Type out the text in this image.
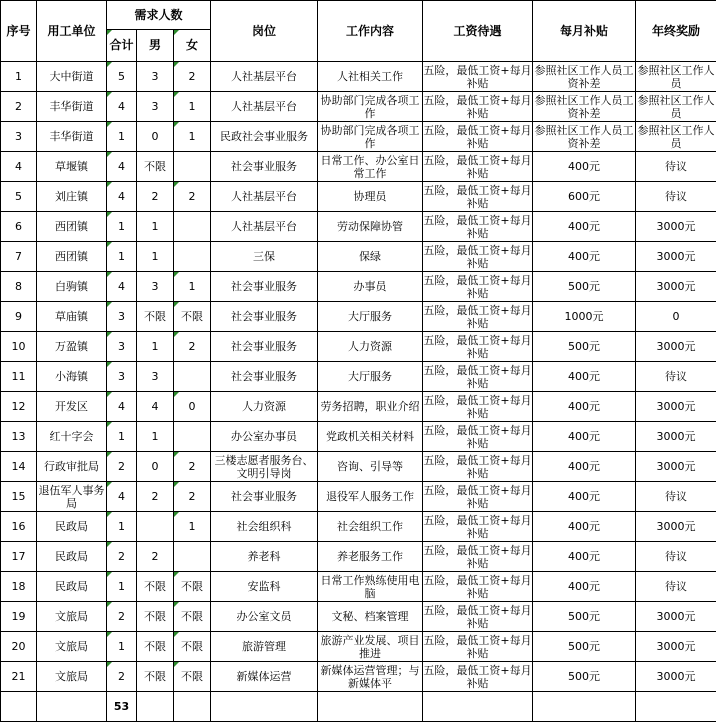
序号	用工单位	需求人数			岗位	工作内容	工资待遇	每月补贴	年终奖励
		合计	男	女					
1	大中街道	5	3	2	人社基层平台	人社相关工作	五险，最低工资+每月补贴	参照社区工作人员工资补差	参照社区工作人员
2	丰华街道	4	3	1	人社基层平台	协助部门完成各项工作	五险，最低工资+每月补贴	参照社区工作人员工资补差	参照社区工作人员
3	丰华街道	1	0	1	民政社会事业服务	协助部门完成各项工作	五险，最低工资+每月补贴	参照社区工作人员工资补差	参照社区工作人员
4	草堰镇	4	不限		社会事业服务	日常工作、办公室日常工作	五险，最低工资+每月补贴	400元	待议
5	刘庄镇	4	2	2	人社基层平台	协理员	五险，最低工资+每月补贴	600元	待议
6	西团镇	1	1		人社基层平台	劳动保障协管	五险，最低工资+每月补贴	400元	3000元
7	西团镇	1	1		三保	保绿	五险，最低工资+每月补贴	400元	3000元
8	白驹镇	4	3	1	社会事业服务	办事员	五险，最低工资+每月补贴	500元	3000元
9	草庙镇	3	不限	不限	社会事业服务	大厅服务	五险，最低工资+每月补贴	1000元	0
10	万盈镇	3	1	2	社会事业服务	人力资源	五险，最低工资+每月补贴	500元	3000元
11	小海镇	3	3		社会事业服务	大厅服务	五险，最低工资+每月补贴	400元	待议
12	开发区	4	4	0	人力资源	劳务招聘，职业介绍	五险，最低工资+每月补贴	400元	3000元
13	红十字会	1	1		办公室办事员	党政机关相关材料	五险，最低工资+每月补贴	400元	3000元
14	行政审批局	2	0	2	三楼志愿者服务台、文明引导岗	咨询、引导等	五险，最低工资+每月补贴	400元	3000元
15	退伍军人事务局	4	2	2	社会事业服务	退役军人服务工作	五险，最低工资+每月补贴	400元	待议
16	民政局	1		1	社会组织科	社会组织工作	五险，最低工资+每月补贴	400元	3000元
17	民政局	2	2		养老科	养老服务工作	五险，最低工资+每月补贴	400元	待议
18	民政局	1	不限	不限	安监科	日常工作熟练使用电脑	五险，最低工资+每月补贴	400元	待议
19	文旅局	2	不限	不限	办公室文员	文秘、档案管理	五险，最低工资+每月补贴	500元	3000元
20	文旅局	1	不限	不限	旅游管理	旅游产业发展、项目推进	五险，最低工资+每月补贴	500元	3000元
21	文旅局	2	不限	不限	新媒体运营	新媒体运营管理；与新媒体平	五险，最低工资+每月补贴	500元	3000元
		53							
